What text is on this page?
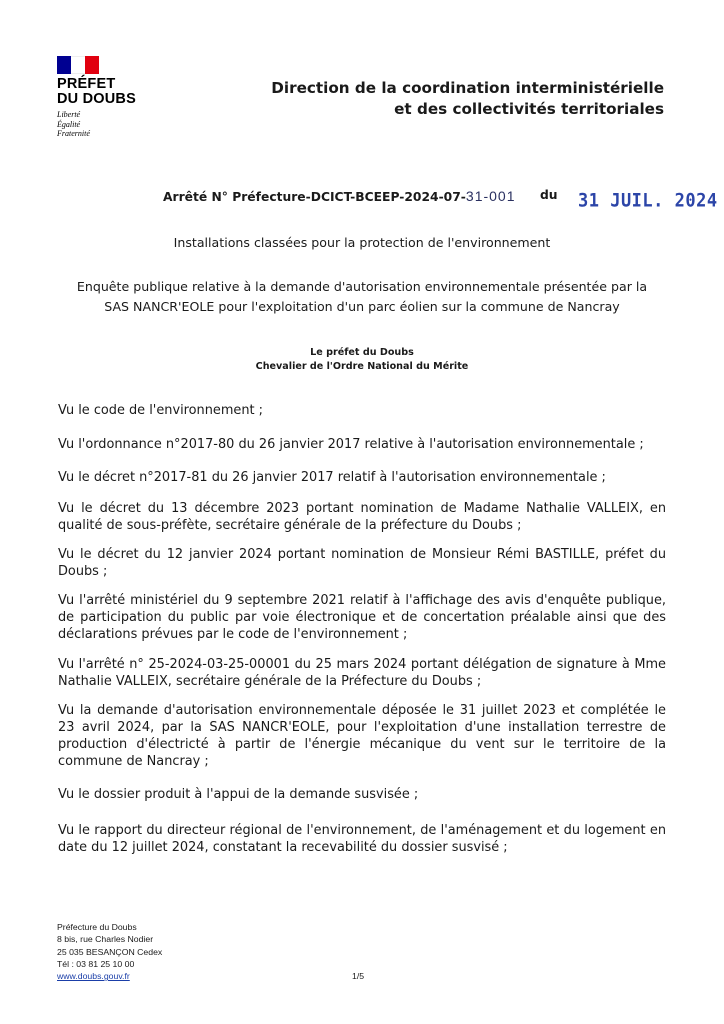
PRÉFET
DU DOUBS
Liberté
Égalité
Fraternité
Direction de la coordination interministérielle
et des collectivités territoriales
Arrêté N° Préfecture-DCICT-BCEEP-2024-07-31-001 du 31 JUIL. 2024
Installations classées pour la protection de l'environnement
Enquête publique relative à la demande d'autorisation environnementale présentée par la
SAS NANCR'EOLE pour l'exploitation d'un parc éolien sur la commune de Nancray
Le préfet du Doubs
Chevalier de l'Ordre National du Mérite

Vu le code de l'environnement ;

Vu l'ordonnance n°2017-80 du 26 janvier 2017 relative à l'autorisation environnementale ;

Vu le décret n°2017-81 du 26 janvier 2017 relatif à l'autorisation environnementale ;

Vu le décret du 13 décembre 2023 portant nomination de Madame Nathalie VALLEIX, en qualité de sous-préfète, secrétaire générale de la préfecture du Doubs ;

Vu le décret du 12 janvier 2024 portant nomination de Monsieur Rémi BASTILLE, préfet du Doubs ;

Vu l'arrêté ministériel du 9 septembre 2021 relatif à l'affichage des avis d'enquête publique, de participation du public par voie électronique et de concertation préalable ainsi que des déclarations prévues par le code de l'environnement ;

Vu l'arrêté n° 25-2024-03-25-00001 du 25 mars 2024 portant délégation de signature à Mme Nathalie VALLEIX, secrétaire générale de la Préfecture du Doubs ;

Vu la demande d'autorisation environnementale déposée le 31 juillet 2023 et complétée le 23 avril 2024, par la SAS NANCR'EOLE, pour l'exploitation d'une installation terrestre de production d'électricté à partir de l'énergie mécanique du vent sur le territoire de la commune de Nancray ;

Vu le dossier produit à l'appui de la demande susvisée ;

Vu le rapport du directeur régional de l'environnement, de l'aménagement et du logement en date du 12 juillet 2024, constatant la recevabilité du dossier susvisé ;

Préfecture du Doubs
8 bis, rue Charles Nodier
25 035 BESANÇON Cedex
Tél : 03 81 25 10 00
www.doubs.gouv.fr	1/5
